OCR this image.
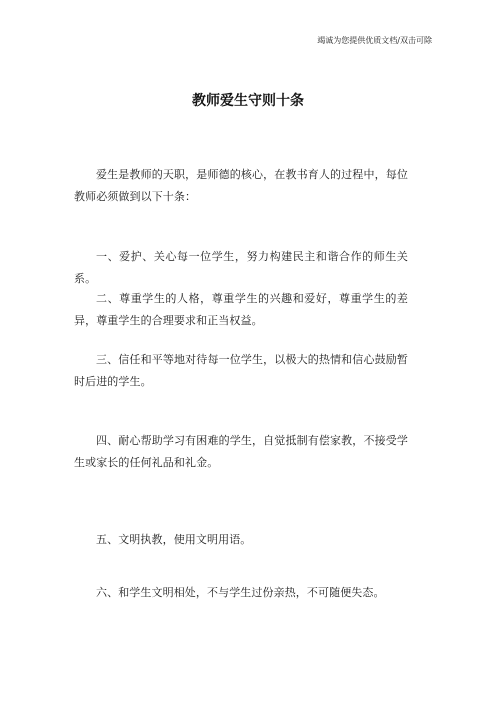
竭诚为您提供优质文档/双击可除
教师爱生守则十条

爱生是教师的天职，是师德的核心，在教书育人的过程中，每位教师必须做到以下十条：

一、爱护、关心每一位学生，努力构建民主和谐合作的师生关系。

二、尊重学生的人格，尊重学生的兴趣和爱好，尊重学生的差异，尊重学生的合理要求和正当权益。

三、信任和平等地对待每一位学生，以极大的热情和信心鼓励暂时后进的学生。

四、耐心帮助学习有困难的学生，自觉抵制有偿家教，不接受学生或家长的任何礼品和礼金。

五、文明执教，使用文明用语。

六、和学生文明相处，不与学生过份亲热，不可随便失态。
